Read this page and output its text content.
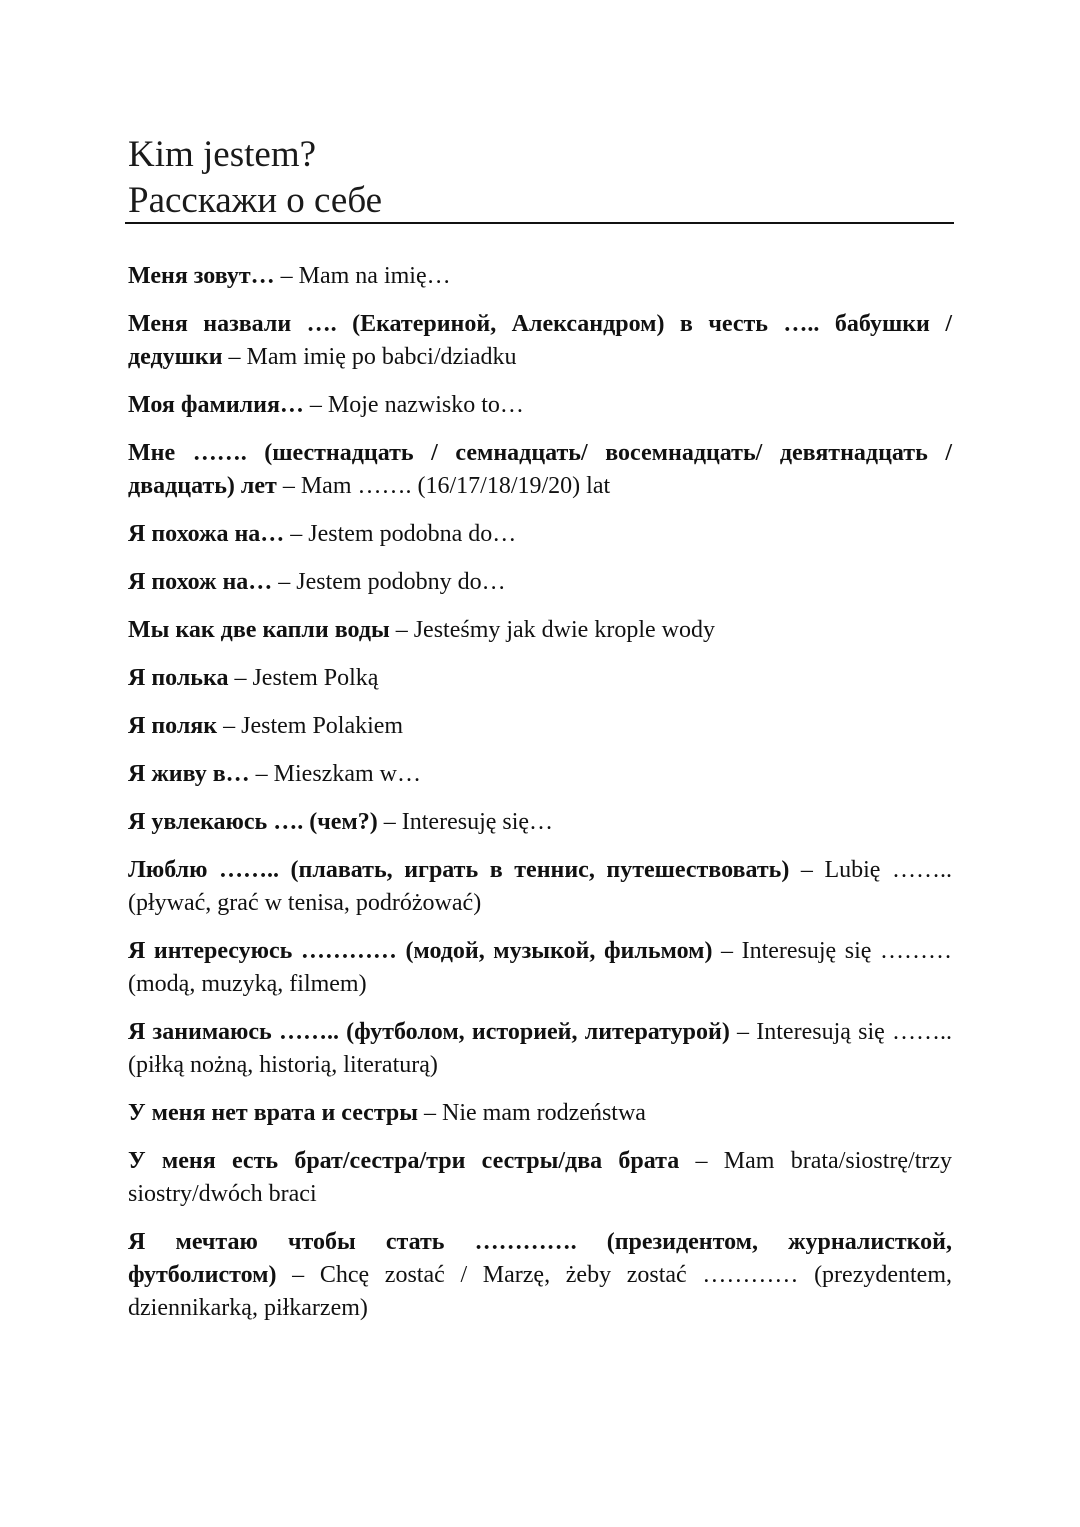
Kim jestem?
Расскажи о себе

Меня зовут… – Mam na imię…

Меня назвали …. (Екатериной, Александром) в честь ….. бабушки / дедушки – Mam imię po babci/dziadku

Моя фамилия… – Moje nazwisko to…

Мне ……. (шестнадцать / семнадцать/ восемнадцать/ девятнадцать / двадцать) лет – Mam ……. (16/17/18/19/20) lat

Я похожа на… – Jestem podobna do…

Я похож на… – Jestem podobny do…

Мы как две капли воды – Jesteśmy jak dwie krople wody

Я полька – Jestem Polką

Я поляк – Jestem Polakiem

Я живу в… – Mieszkam w…

Я увлекаюсь …. (чем?) – Interesuję się…

Люблю …….. (плавать, играть в теннис, путешествовать) – Lubię …….. (pływać, grać w tenisa, podróżować)

Я интересуюсь ………… (модой, музыкой, фильмом) – Interesuję się ……… (modą, muzyką, filmem)

Я занимаюсь …….. (футболом, историей, литературой) – Interesują się …….. (piłką nożną, historią, literaturą)

У меня нет врата и сестры – Nie mam rodzeństwa

У меня есть брат/сестра/три сестры/два брата – Mam brata/siostrę/trzy siostry/dwóch braci

Я мечтаю чтобы стать …………. (президентом, журналисткой, футболистом) – Chcę zostać / Marzę, żeby zostać ………… (prezydentem, dziennikarką, piłkarzem)
